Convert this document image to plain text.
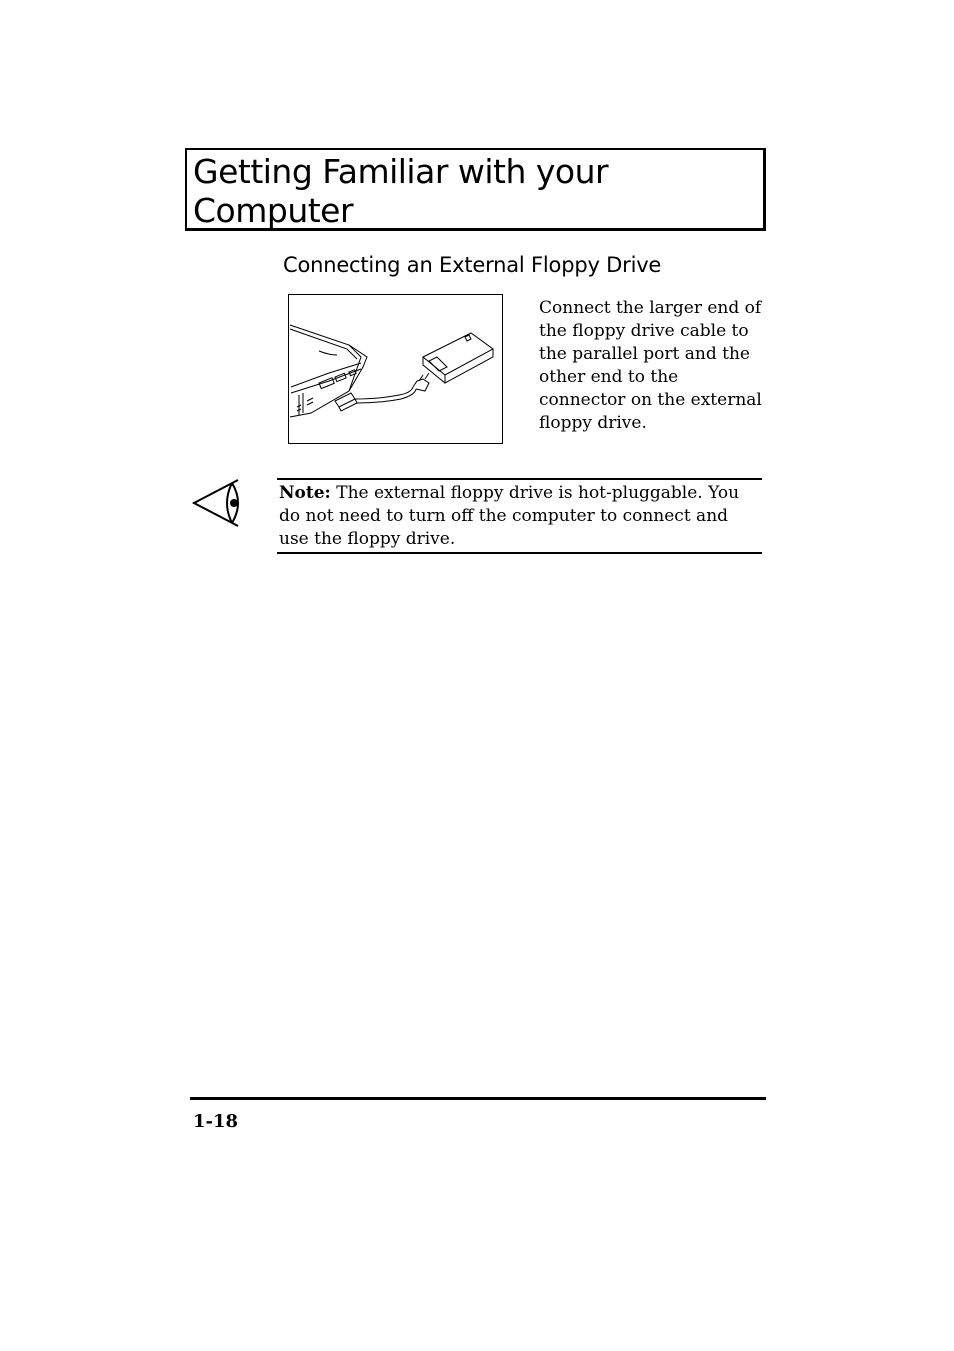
Getting Familiar with your Computer
Connecting an External Floppy Drive

Connect the larger end of the floppy drive cable to the parallel port and the other end to the connector on the external floppy drive.

Note: The external floppy drive is hot-pluggable. You do not need to turn off the computer to connect and use the floppy drive.

1-18
